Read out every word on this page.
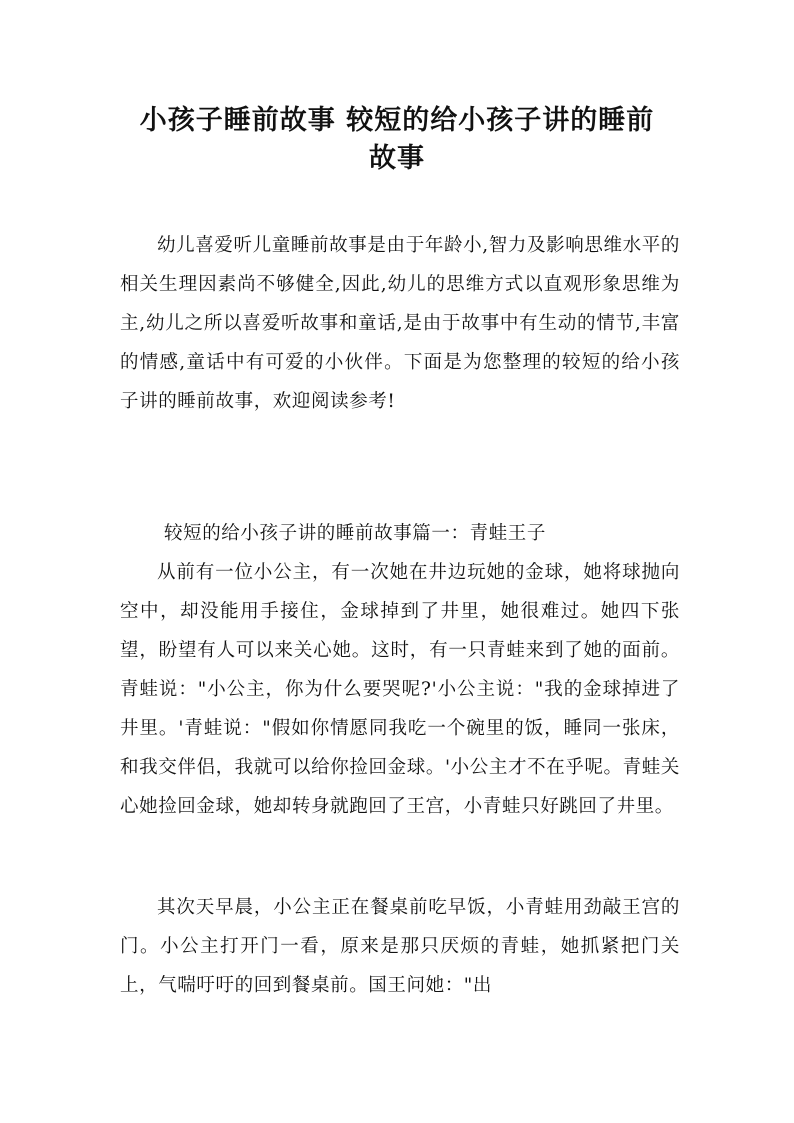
小孩子睡前故事 较短的给小孩子讲的睡前
故事

幼儿喜爱听儿童睡前故事是由于年龄小,智力及影响思维水平的相关生理因素尚不够健全,因此,幼儿的思维方式以直观形象思维为主,幼儿之所以喜爱听故事和童话,是由于故事中有生动的情节,丰富的情感,童话中有可爱的小伙伴。下面是为您整理的较短的给小孩子讲的睡前故事，欢迎阅读参考!

较短的给小孩子讲的睡前故事篇一：青蛙王子

从前有一位小公主，有一次她在井边玩她的金球，她将球抛向空中，却没能用手接住，金球掉到了井里，她很难过。她四下张望，盼望有人可以来关心她。这时，有一只青蛙来到了她的面前。青蛙说："小公主，你为什么要哭呢?'小公主说："我的金球掉进了井里。'青蛙说："假如你情愿同我吃一个碗里的饭，睡同一张床，和我交伴侣，我就可以给你捡回金球。'小公主才不在乎呢。青蛙关心她捡回金球，她却转身就跑回了王宫，小青蛙只好跳回了井里。

其次天早晨，小公主正在餐桌前吃早饭，小青蛙用劲敲王宫的门。小公主打开门一看，原来是那只厌烦的青蛙，她抓紧把门关上，气喘吁吁的回到餐桌前。国王问她："出
